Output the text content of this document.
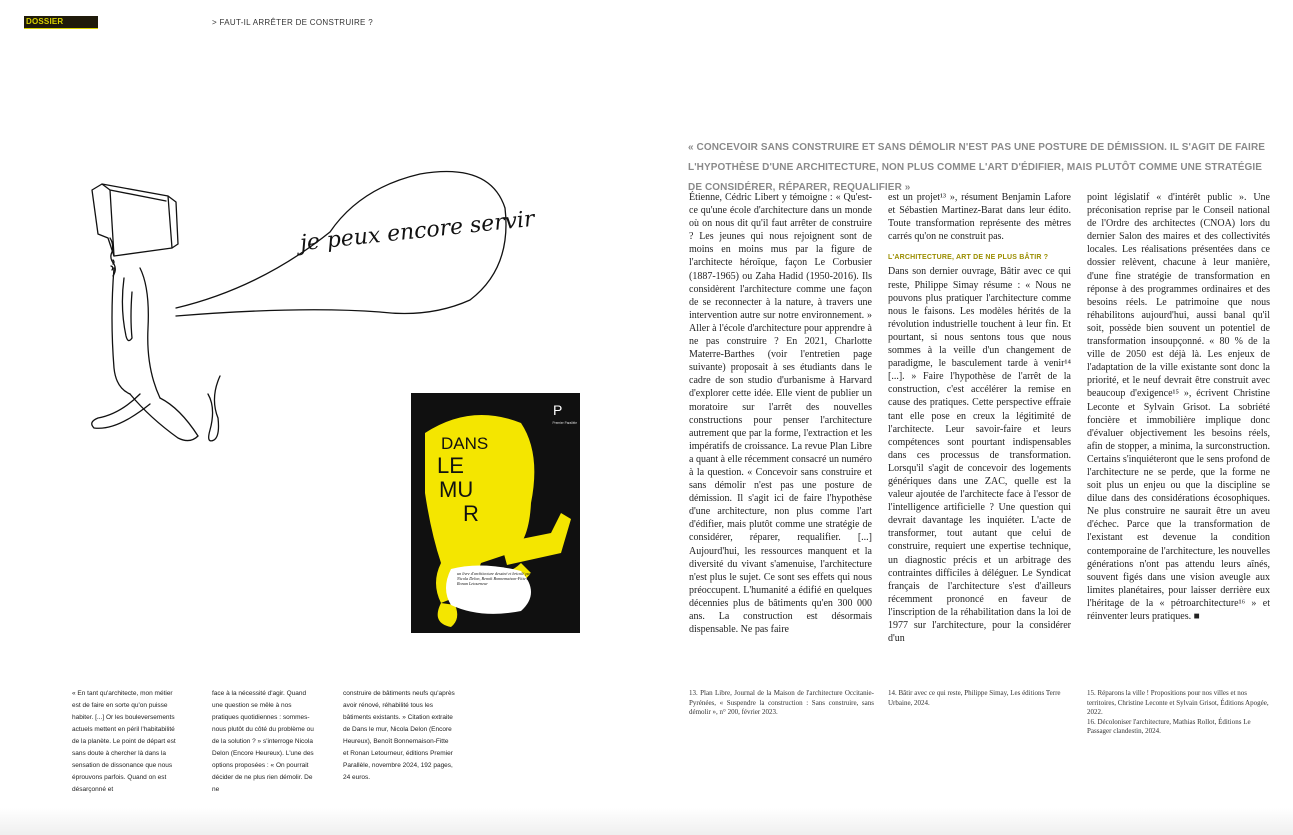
DOSSIER	> FAUT-IL ARRÊTER DE CONSTRUIRE ?
« CONCEVOIR SANS CONSTRUIRE ET SANS DÉMOLIR N'EST PAS UNE POSTURE DE DÉMISSION. IL S'AGIT DE FAIRE L'HYPOTHÈSE D'UNE ARCHITECTURE, NON PLUS COMME L'ART D'ÉDIFIER, MAIS PLUTÔT COMME UNE STRATÉGIE DE CONSIDÉRER, RÉPARER, REQUALIFIER »
je peux encore servir
DANS
LE
MU
R
P
un livre d'architecture dessiné et bricolé par Nicola Delon, Benoît Bonnemaison-Fitte et Ronan Letourneur
Premier Parallèle

Étienne, Cédric Libert y témoigne : « Qu'est-ce qu'une école d'architecture dans un monde où on nous dit qu'il faut arrêter de construire ? Les jeunes qui nous rejoignent sont de moins en moins mus par la figure de l'architecte héroïque, façon Le Corbusier (1887-1965) ou Zaha Hadid (1950-2016). Ils considèrent l'architecture comme une façon de se reconnecter à la nature, à travers une intervention autre sur notre environnement. » Aller à l'école d'architecture pour apprendre à ne pas construire ? En 2021, Charlotte Materre-Barthes (voir l'entretien page suivante) proposait à ses étudiants dans le cadre de son studio d'urbanisme à Harvard d'explorer cette idée. Elle vient de publier un moratoire sur l'arrêt des nouvelles constructions pour penser l'architecture autrement que par la forme, l'extraction et les impératifs de croissance. La revue Plan Libre a quant à elle récemment consacré un numéro à la question. « Concevoir sans construire et sans démolir n'est pas une posture de démission. Il s'agit ici de faire l'hypothèse d'une architecture, non plus comme l'art d'édifier, mais plutôt comme une stratégie de considérer, réparer, requalifier. [...] Aujourd'hui, les ressources manquent et la diversité du vivant s'amenuise, l'architecture n'est plus le sujet. Ce sont ses effets qui nous préoccupent. L'humanité a édifié en quelques décennies plus de bâtiments qu'en 300 000 ans. La construction est désormais dispensable. Ne pas faire

est un projet¹³ », résument Benjamin Lafore et Sébastien Martinez-Barat dans leur édito. Toute transformation représente des mètres carrés qu'on ne construit pas.

L'ARCHITECTURE, ART DE NE PLUS BÂTIR ?

Dans son dernier ouvrage, Bâtir avec ce qui reste, Philippe Simay résume : « Nous ne pouvons plus pratiquer l'architecture comme nous le faisons. Les modèles hérités de la révolution industrielle touchent à leur fin. Et pourtant, si nous sentons tous que nous sommes à la veille d'un changement de paradigme, le basculement tarde à venir¹⁴ [...]. » Faire l'hypothèse de l'arrêt de la construction, c'est accélérer la remise en cause des pratiques. Cette perspective effraie tant elle pose en creux la légitimité de l'architecte. Leur savoir-faire et leurs compétences sont pourtant indispensables dans ces processus de transformation. Lorsqu'il s'agit de concevoir des logements génériques dans une ZAC, quelle est la valeur ajoutée de l'architecte face à l'essor de l'intelligence artificielle ? Une question qui devrait davantage les inquiéter. L'acte de transformer, tout autant que celui de construire, requiert une expertise technique, un diagnostic précis et un arbitrage des contraintes difficiles à déléguer. Le Syndicat français de l'architecture s'est d'ailleurs récemment prononcé en faveur de l'inscription de la réhabilitation dans la loi de 1977 sur l'architecture, pour la considérer d'un

point législatif « d'intérêt public ». Une préconisation reprise par le Conseil national de l'Ordre des architectes (CNOA) lors du dernier Salon des maires et des collectivités locales. Les réalisations présentées dans ce dossier relèvent, chacune à leur manière, d'une fine stratégie de transformation en réponse à des programmes ordinaires et des besoins réels. Le patrimoine que nous réhabilitons aujourd'hui, aussi banal qu'il soit, possède bien souvent un potentiel de transformation insoupçonné. « 80 % de la ville de 2050 est déjà là. Les enjeux de l'adaptation de la ville existante sont donc la priorité, et le neuf devrait être construit avec beaucoup d'exigence¹⁵ », écrivent Christine Leconte et Sylvain Grisot. La sobriété foncière et immobilière implique donc d'évaluer objectivement les besoins réels, afin de stopper, a minima, la surconstruction. Certains s'inquiéteront que le sens profond de l'architecture ne se perde, que la forme ne soit plus un enjeu ou que la discipline se dilue dans des considérations écosophiques. Ne plus construire ne saurait être un aveu d'échec. Parce que la transformation de l'existant est devenue la condition contemporaine de l'architecture, les nouvelles générations n'ont pas attendu leurs aînés, souvent figés dans une vision aveugle aux limites planétaires, pour laisser derrière eux l'héritage de la « pétroarchitecture¹⁶ » et réinventer leurs pratiques. ■

« En tant qu'architecte, mon métier est de faire en sorte qu'on puisse habiter. [...] Or les bouleversements actuels mettent en péril l'habitabilité de la planète. Le point de départ est sans doute à chercher là dans la sensation de dissonance que nous éprouvons parfois. Quand on est désarçonné et
face à la nécessité d'agir. Quand une question se mêle à nos pratiques quotidiennes : sommes-nous plutôt du côté du problème ou de la solution ? » s'interroge Nicola Delon (Encore Heureux). L'une des options proposées : « On pourrait décider de ne plus rien démolir. De ne
construire de bâtiments neufs qu'après avoir rénové, réhabilité tous les bâtiments existants. » Citation extraite de Dans le mur, Nicola Delon (Encore Heureux), Benoît Bonnemaison-Fitte et Ronan Letourneur, éditions Premier Parallèle, novembre 2024, 192 pages, 24 euros.
13. Plan Libre, Journal de la Maison de l'architecture Occitanie-Pyrénées, « Suspendre la construction : Sans construire, sans démolir », n° 200, février 2023.
14. Bâtir avec ce qui reste, Philippe Simay, Les éditions Terre Urbaine, 2024.
15. Réparons la ville ! Propositions pour nos villes et nos territoires, Christine Leconte et Sylvain Grisot, Éditions Apogée, 2022.
16. Décoloniser l'architecture, Mathias Rollot, Éditions Le Passager clandestin, 2024.
